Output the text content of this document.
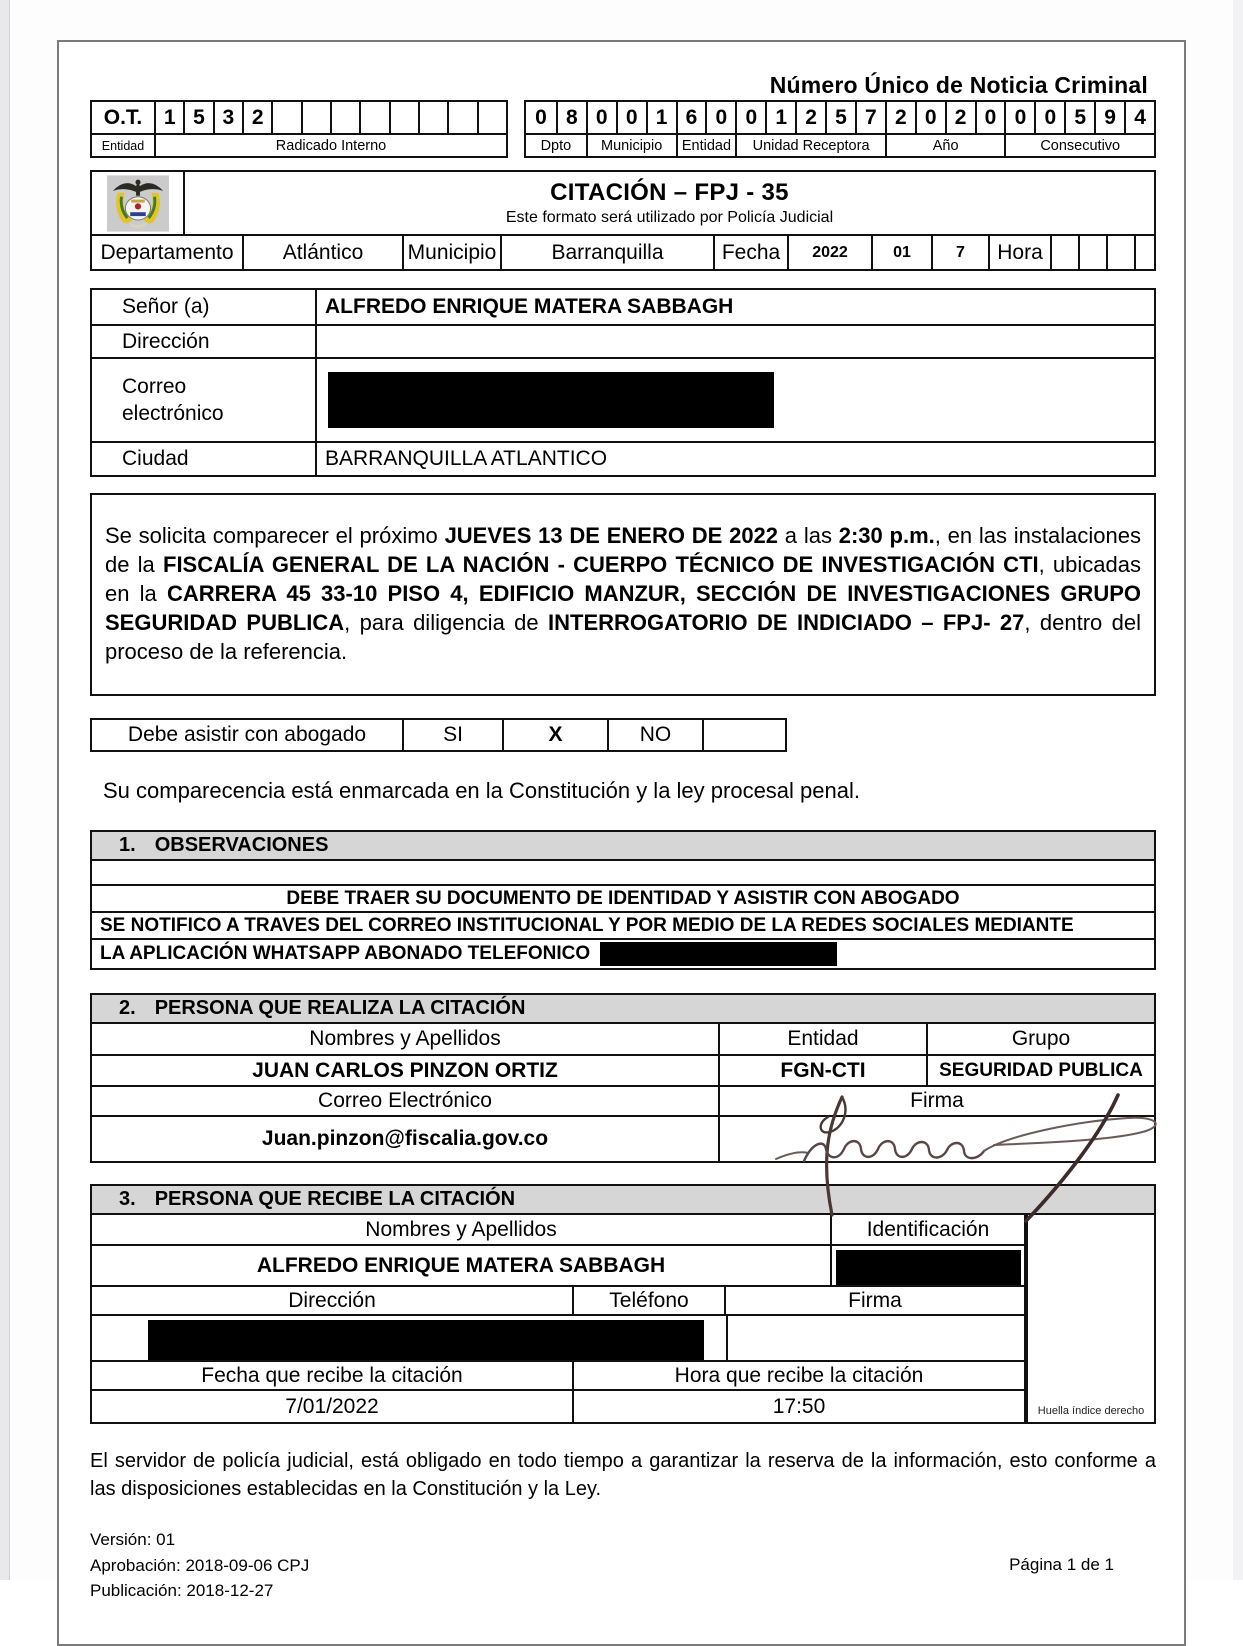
Número Único de Noticia Criminal
O.T.	1 5 3 2
Entidad	Radicado Interno
0 8 0 0 1 6 0 0 1 2 5 7 2 0 2 0 0 0 5 9 4
Dpto	Municipio	Entidad	Unidad Receptora	Año	Consecutivo
CITACIÓN – FPJ - 35
Este formato será utilizado por Policía Judicial
Departamento	Atlántico	Municipio	Barranquilla	Fecha	2022	01	7	Hora
Señor (a)	ALFREDO ENRIQUE MATERA SABBAGH
Dirección
Correo electrónico
Ciudad	BARRANQUILLA ATLANTICO
Se solicita comparecer el próximo JUEVES 13 DE ENERO DE 2022 a las 2:30 p.m., en las instalaciones de la FISCALÍA GENERAL DE LA NACIÓN - CUERPO TÉCNICO DE INVESTIGACIÓN CTI, ubicadas en la CARRERA 45 33-10 PISO 4, EDIFICIO MANZUR, SECCIÓN DE INVESTIGACIONES GRUPO SEGURIDAD PUBLICA, para diligencia de INTERROGATORIO DE INDICIADO – FPJ- 27, dentro del proceso de la referencia.
Debe asistir con abogado	SI	X	NO
Su comparecencia está enmarcada en la Constitución y la ley procesal penal.
1. OBSERVACIONES
DEBE TRAER SU DOCUMENTO DE IDENTIDAD Y ASISTIR CON ABOGADO
SE NOTIFICO A TRAVES DEL CORREO INSTITUCIONAL Y POR MEDIO DE LA REDES SOCIALES MEDIANTE
LA APLICACIÓN WHATSAPP ABONADO TELEFONICO
2. PERSONA QUE REALIZA LA CITACIÓN
Nombres y Apellidos	Entidad	Grupo
JUAN CARLOS PINZON ORTIZ	FGN-CTI	SEGURIDAD PUBLICA
Correo Electrónico	Firma
Juan.pinzon@fiscalia.gov.co
3. PERSONA QUE RECIBE LA CITACIÓN
Nombres y Apellidos	Identificación
ALFREDO ENRIQUE MATERA SABBAGH
Dirección	Teléfono	Firma
Fecha que recibe la citación	Hora que recibe la citación
7/01/2022	17:50	Huella índice derecho
El servidor de policía judicial, está obligado en todo tiempo a garantizar la reserva de la información, esto conforme a las disposiciones establecidas en la Constitución y la Ley.
Versión: 01
Aprobación: 2018-09-06 CPJ
Publicación: 2018-12-27
Página 1 de 1
